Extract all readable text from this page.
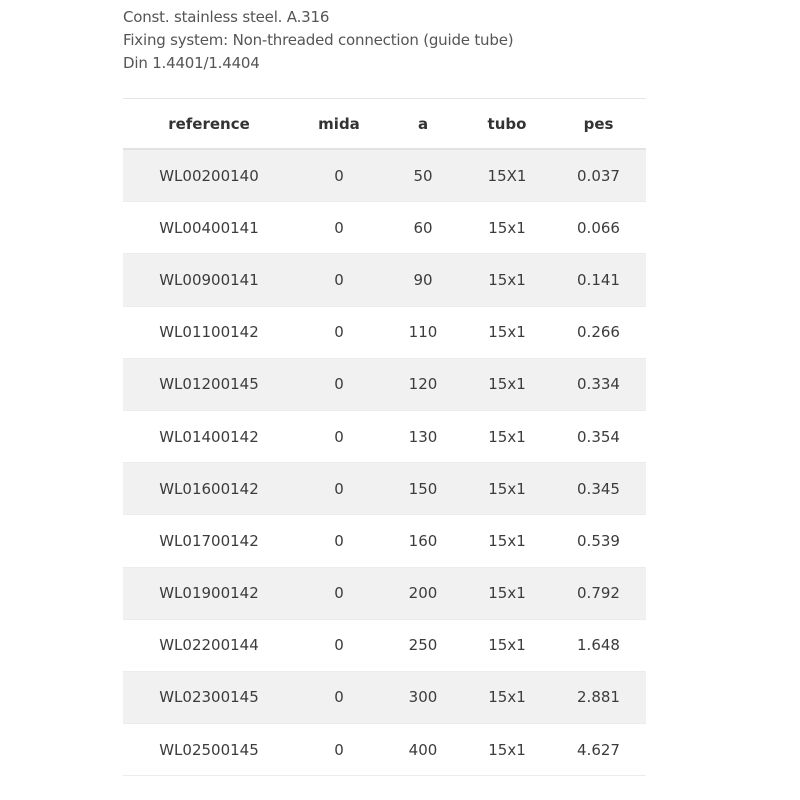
Const. stainless steel. A.316
Fixing system: Non-threaded connection (guide tube)
Din 1.4401/1.4404
reference	mida	a	tubo	pes
WL00200140	0	50	15X1	0.037
WL00400141	0	60	15x1	0.066
WL00900141	0	90	15x1	0.141
WL01100142	0	110	15x1	0.266
WL01200145	0	120	15x1	0.334
WL01400142	0	130	15x1	0.354
WL01600142	0	150	15x1	0.345
WL01700142	0	160	15x1	0.539
WL01900142	0	200	15x1	0.792
WL02200144	0	250	15x1	1.648
WL02300145	0	300	15x1	2.881
WL02500145	0	400	15x1	4.627
